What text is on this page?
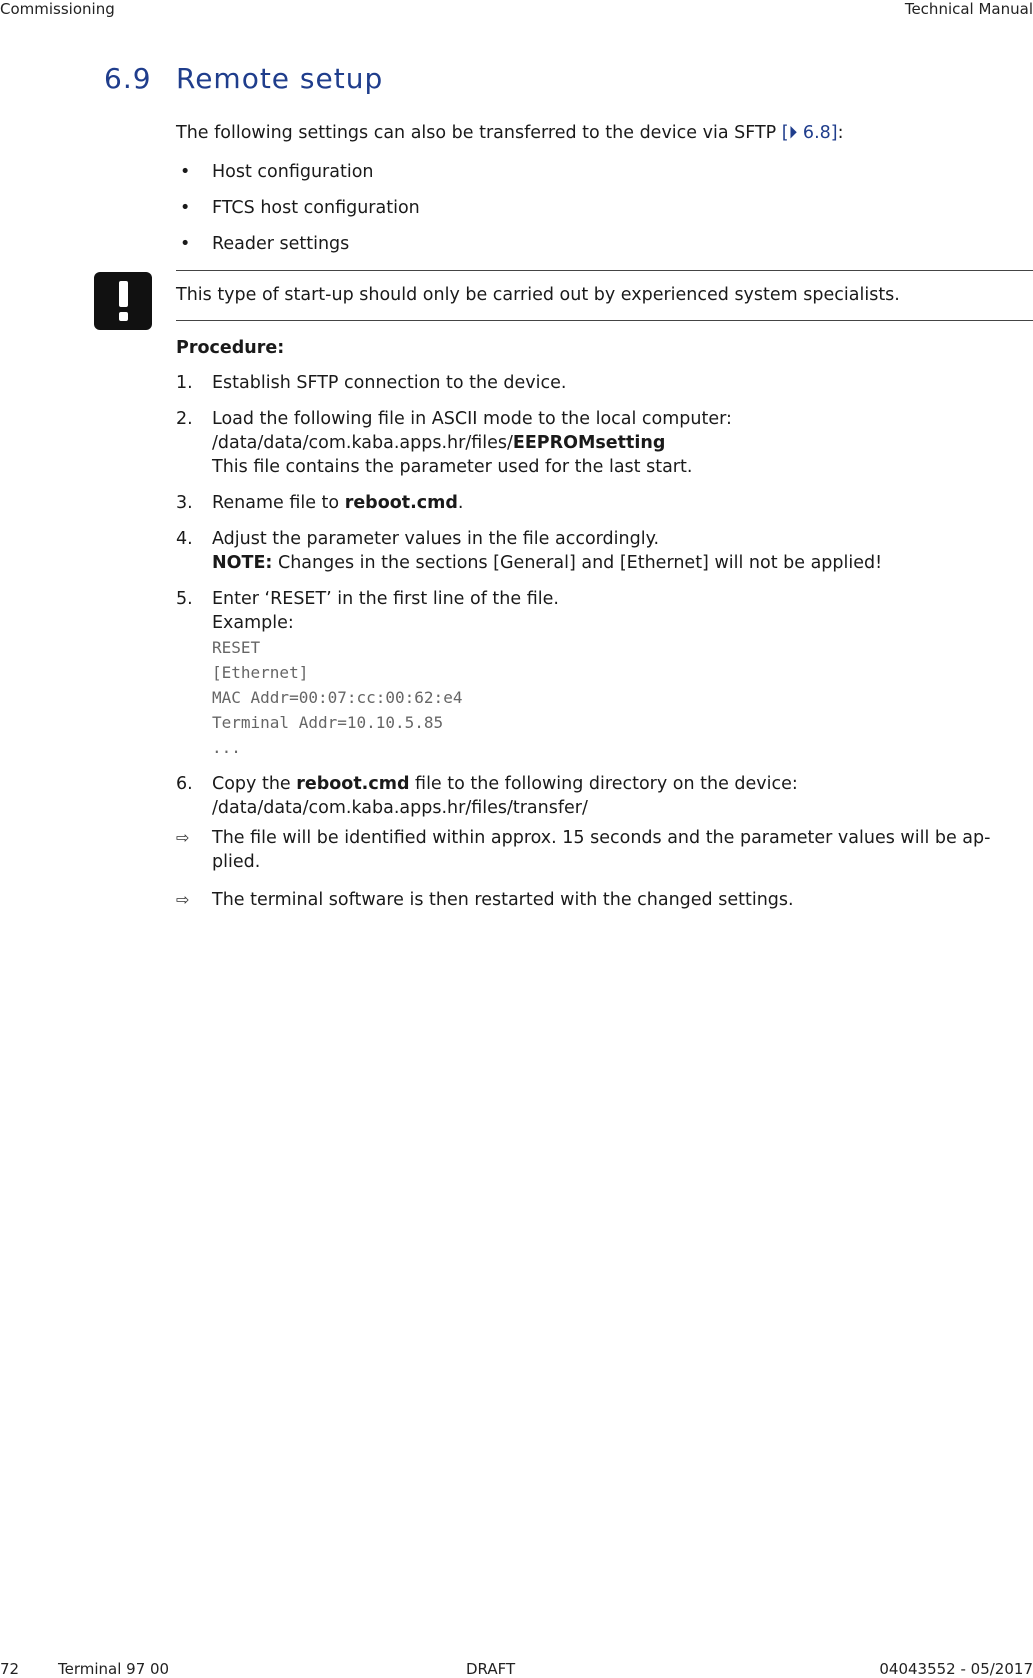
Commissioning	Technical Manual
6.9 Remote setup
The following settings can also be transferred to the device via SFTP [⏵ 6.8]:
• Host configuration
• FTCS host configuration
• Reader settings
This type of start-up should only be carried out by experienced system specialists.
Procedure:
1. Establish SFTP connection to the device.
2. Load the following file in ASCII mode to the local computer:
/data/data/com.kaba.apps.hr/files/EEPROMsetting
This file contains the parameter used for the last start.
3. Rename file to reboot.cmd.
4. Adjust the parameter values in the file accordingly.
NOTE: Changes in the sections [General] and [Ethernet] will not be applied!
5. Enter ‘RESET’ in the first line of the file.
Example:
RESET
[Ethernet]
MAC Addr=00:07:cc:00:62:e4
Terminal Addr=10.10.5.85
...
6. Copy the reboot.cmd file to the following directory on the device:
/data/data/com.kaba.apps.hr/files/transfer/
⇨ The file will be identified within approx. 15 seconds and the parameter values will be ap-plied.
⇨ The terminal software is then restarted with the changed settings.
72	Terminal 97 00	DRAFT	04043552 - 05/2017
